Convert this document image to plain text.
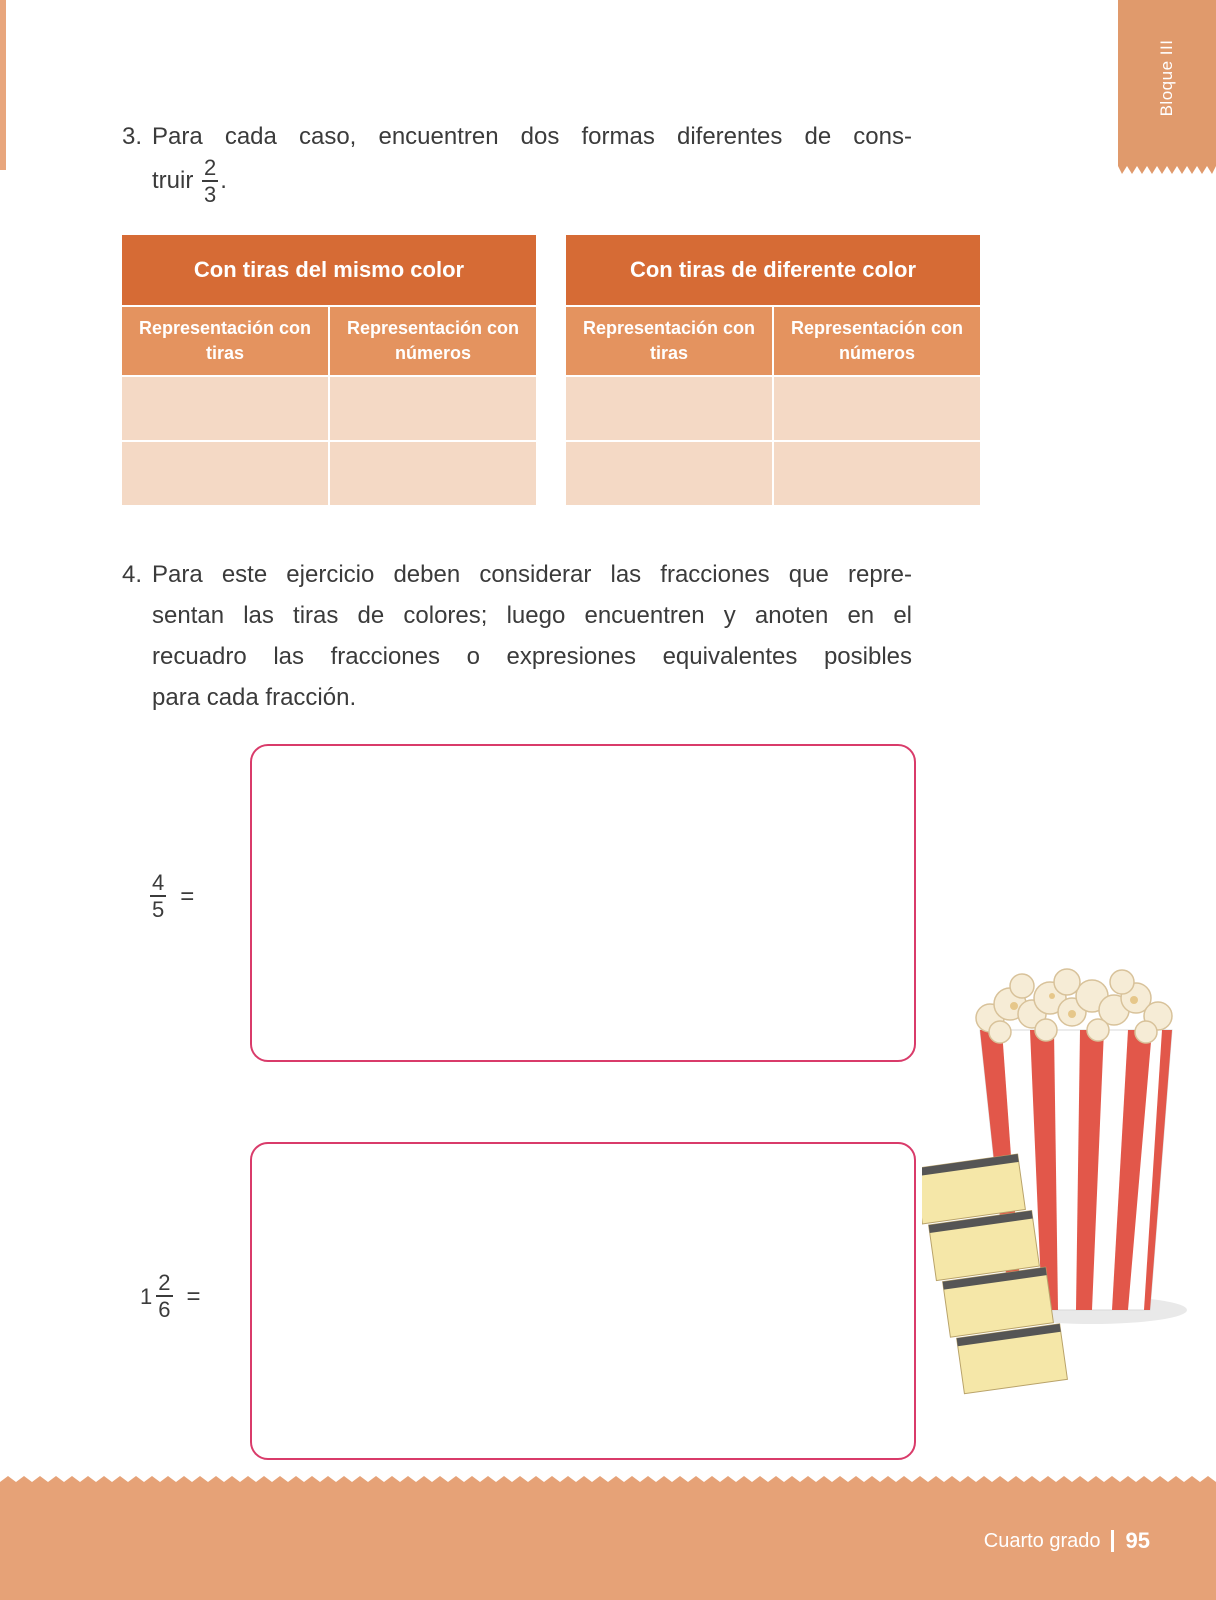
Bloque III
3. Para cada caso, encuentren dos formas diferentes de cons-
truir $\frac{2}{3}$ .
Con tiras del mismo color
Representación con tiras
Representación con números
Con tiras de diferente color
Representación con tiras
Representación con números
4. Para este ejercicio deben considerar las fracciones que repre-
sentan las tiras de colores; luego encuentren y anoten en el
recuadro las fracciones o expresiones equivalentes posibles
para cada fracción.
$\frac{4}{5}$ =
$1 \frac{2}{6}$ =
Cuarto grado 95
